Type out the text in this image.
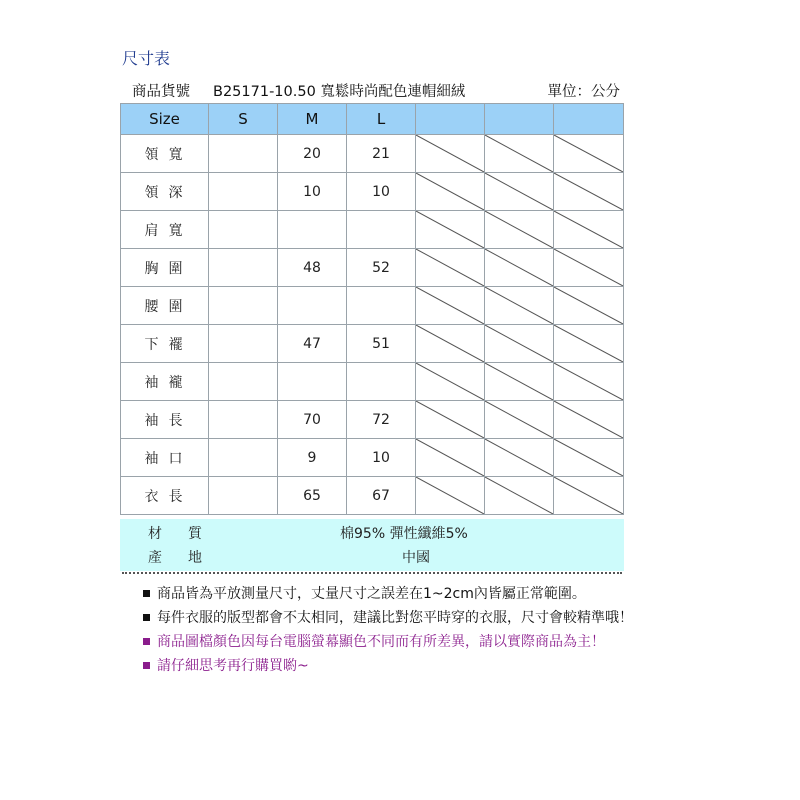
尺寸表
商品貨號 B25171-10.50 寬鬆時尚配色連帽細絨	單位：公分
Size	S	M	L			
領寬		20	21	

領深		10	10	

肩寬				

胸圍		48	52	

腰圍				

下襬		47	51	

袖襱				

袖長		70	72	

袖口		9	10	

衣長		65	67	

材　質	棉95% 彈性纖維5%
產　地	中國
商品皆為平放測量尺寸，丈量尺寸之誤差在1~2cm內皆屬正常範圍。
每件衣服的版型都會不太相同，建議比對您平時穿的衣服，尺寸會較精準哦！
商品圖檔顏色因每台電腦螢幕顯色不同而有所差異，請以實際商品為主！
請仔細思考再行購買喲~
